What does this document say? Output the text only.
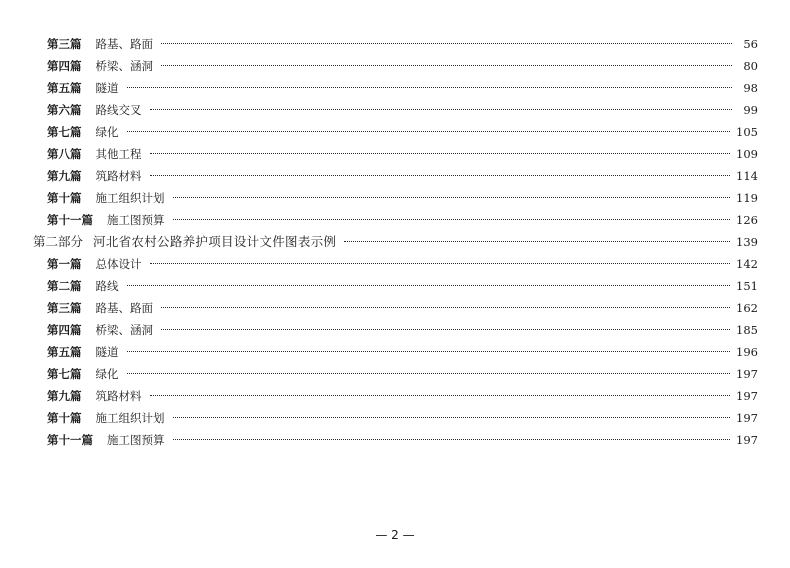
第三篇 路基、路面	56
第四篇 桥梁、涵洞	80
第五篇 隧道	98
第六篇 路线交叉	99
第七篇 绿化	105
第八篇 其他工程	109
第九篇 筑路材料	114
第十篇 施工组织计划	119
第十一篇 施工图预算	126
第二部分 河北省农村公路养护项目设计文件图表示例	139
第一篇 总体设计	142
第二篇 路线	151
第三篇 路基、路面	162
第四篇 桥梁、涵洞	185
第五篇 隧道	196
第七篇 绿化	197
第九篇 筑路材料	197
第十篇 施工组织计划	197
第十一篇 施工图预算	197
— 2 —
